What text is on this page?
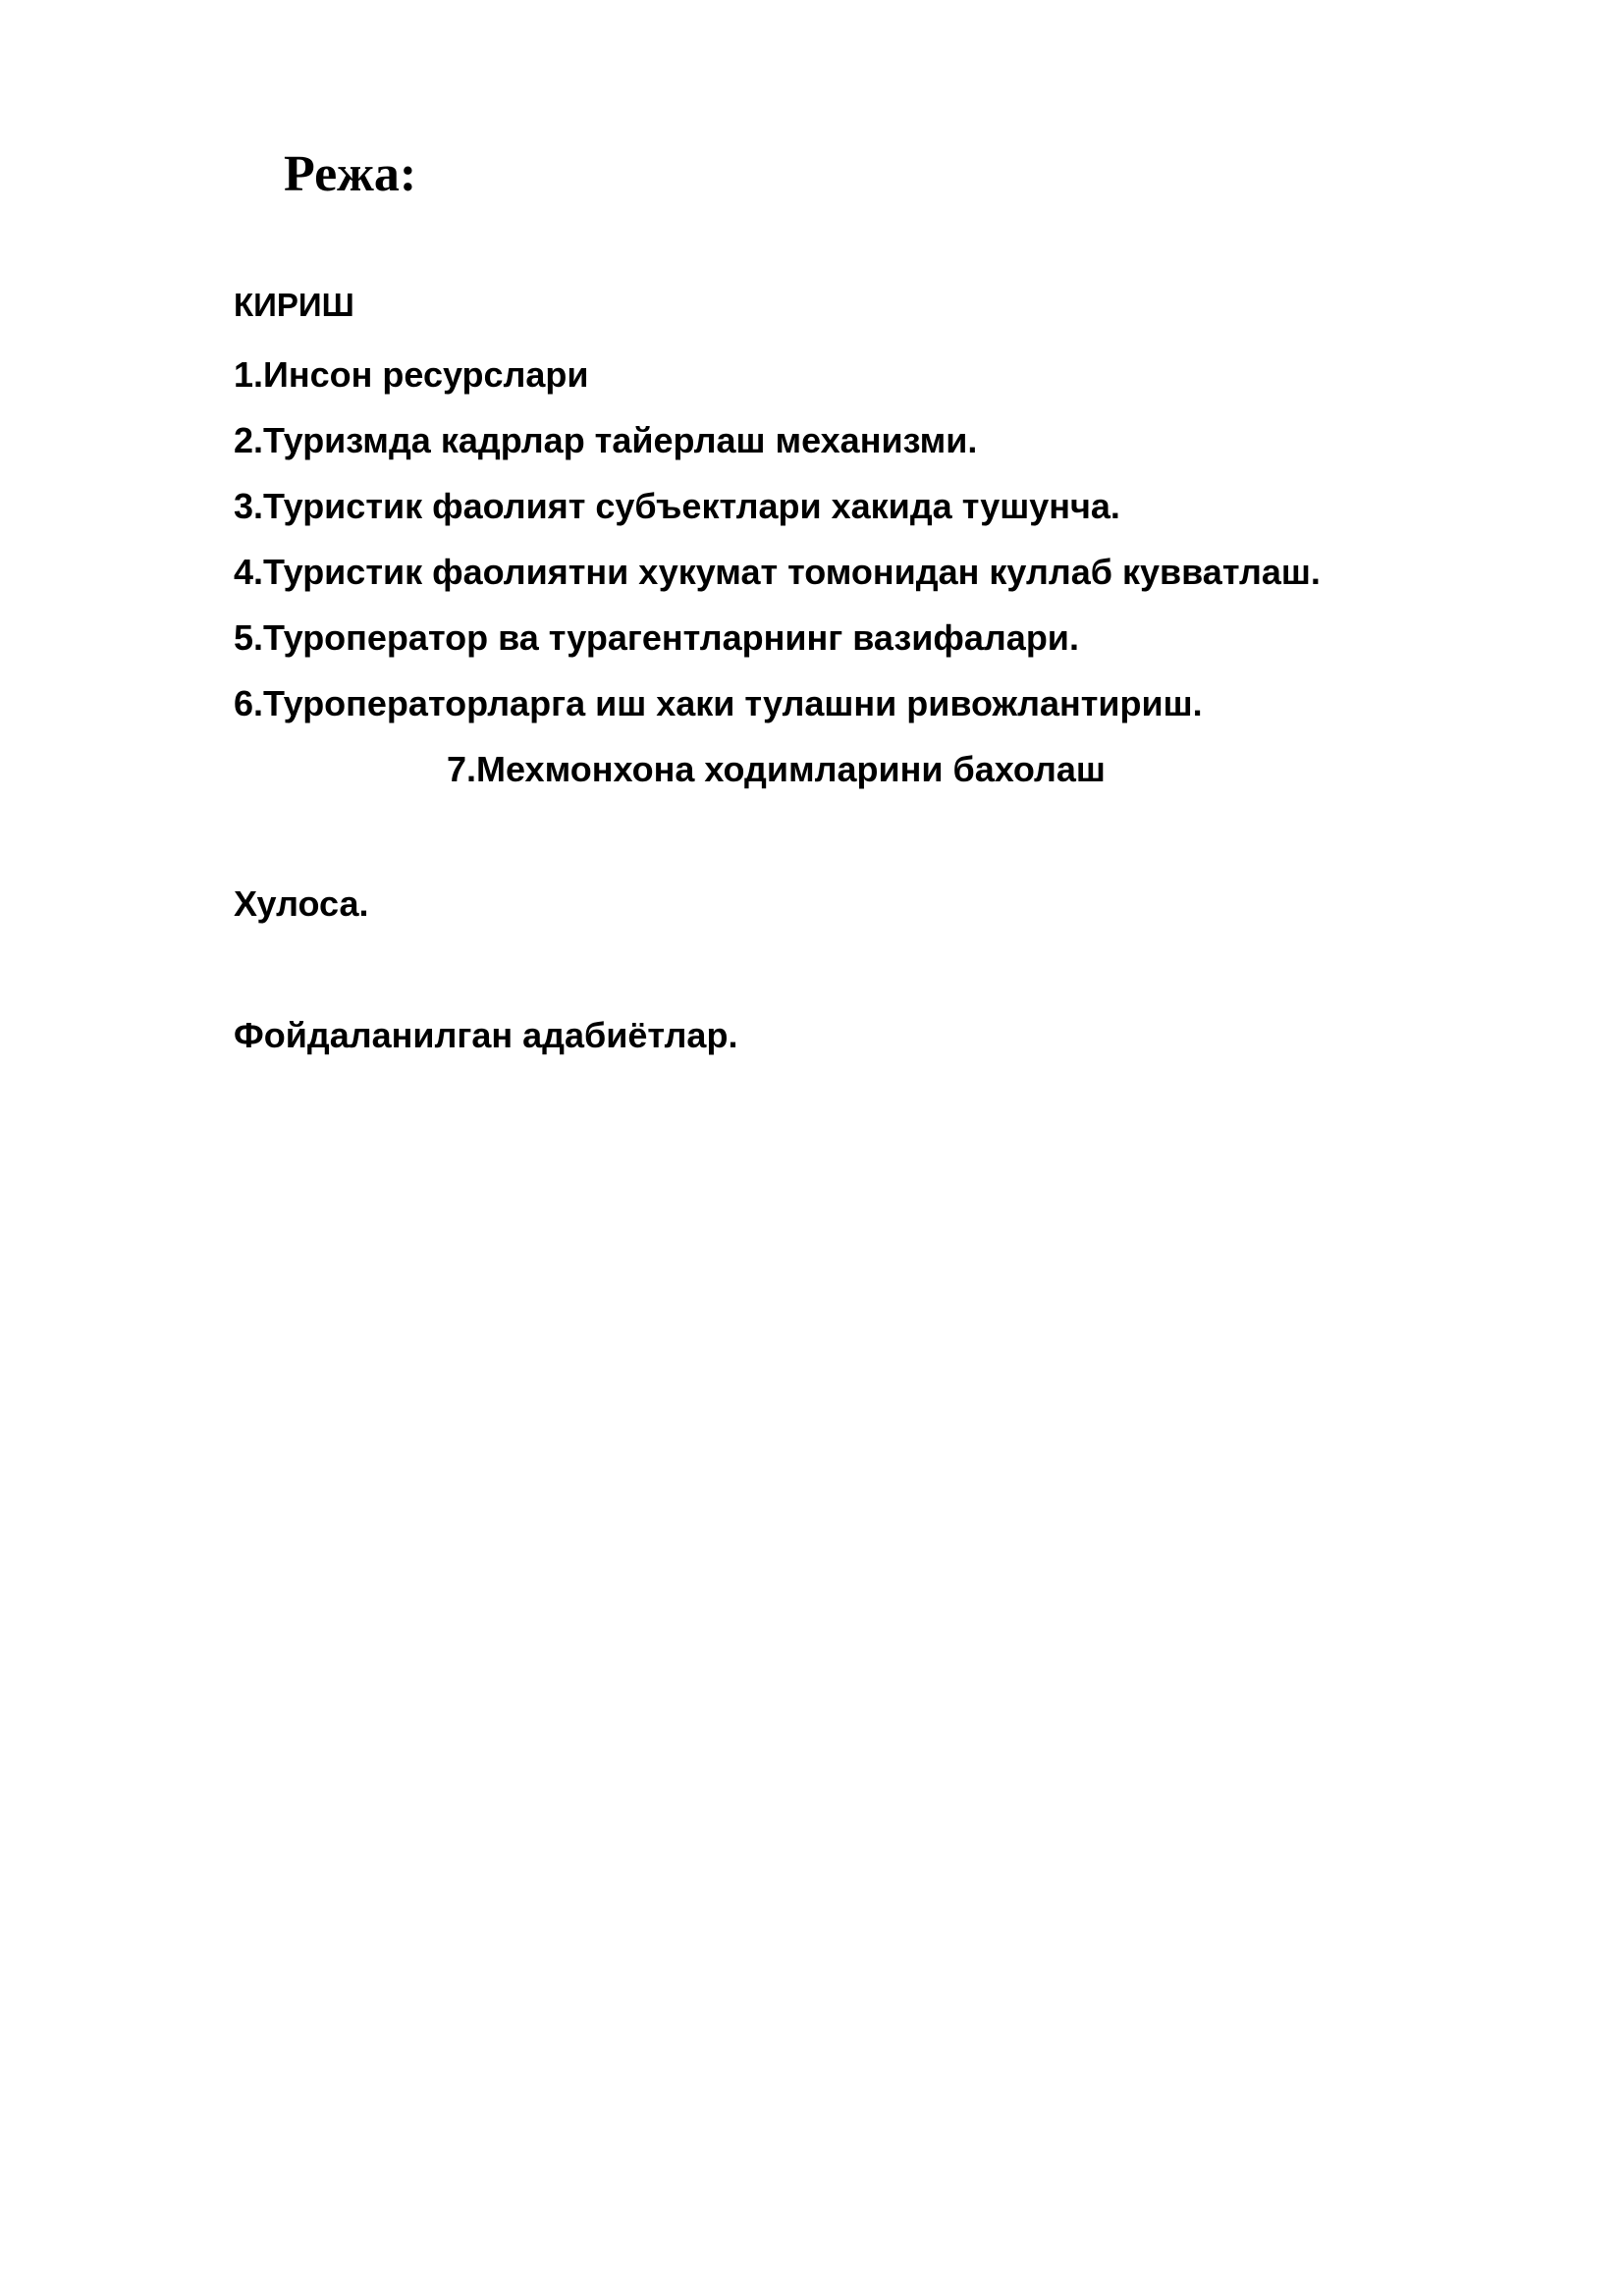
Режа:

КИРИШ

1.Инсон ресурслари

2.Туризмда кадрлар тайерлаш механизми.

3.Туристик фаолият субъектлари хакида тушунча.

4.Туристик фаолиятни хукумат томонидан куллаб кувватлаш.

5.Туроператор ва турагентларнинг вазифалари.

6.Туроператорларга иш хаки тулашни ривожлантириш.

7.Мехмонхона ходимларини бахолаш

Хулоса.

Фойдаланилган адабиётлар.
